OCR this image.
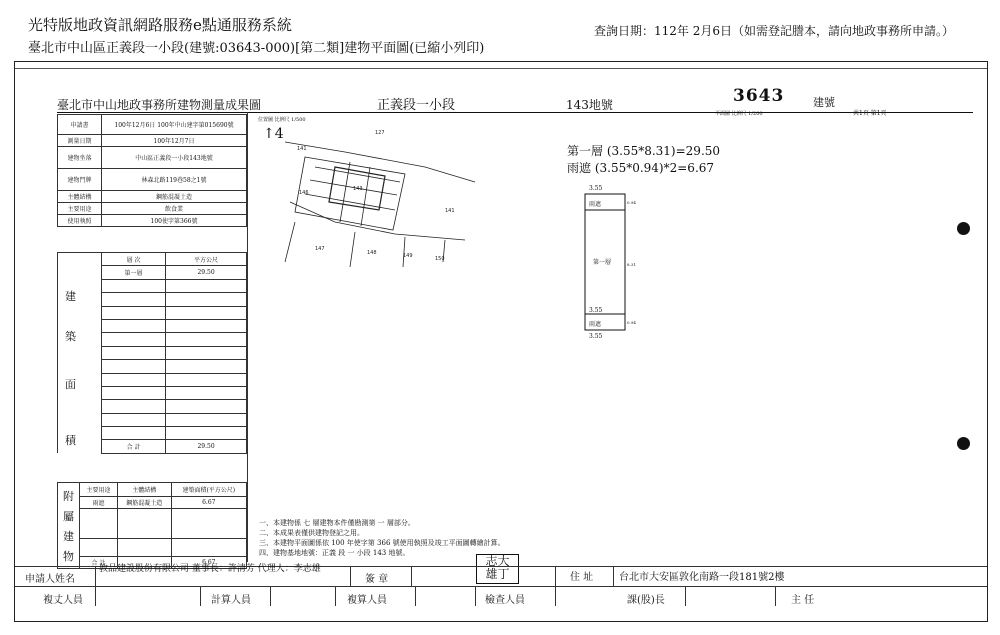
光特版地政資訊網路服務e點通服務系統
臺北市中山區正義段一小段(建號:03643-000)[第二類]建物平面圖(已縮小列印)
查詢日期：112年 2月6日（如需登記謄本，請向地政事務所申請。）
臺北市中山地政事務所建物測量成果圖	正義段一小段	143地號	3643	建號
平面圖 比例尺 1/200	共1頁 第1頁
申請書	100年12月6日 100年中山建字第015690號
測量日期	100年12月7日
建物坐落	中山區正義段一小段143地號
建物門牌	林森北路119巷58之1號
主體結構	鋼筋混凝土造
主要用途	飲食業
使用執照	100使字第366號
	層 次	平方公尺
	第一層	29.50

	合 計	29.50
	主要用途	主體結構	建築面積(平方公尺)
	雨遮	鋼筋混凝土造	6.67

	合 計		6.67
建
築
面
積
附
屬
建
物
位置圖 比例尺 1/500
↑4	127
141
143
146
141
147
148	149	150
第一層 (3.55*8.31)=29.50
雨遮 (3.55*0.94)*2=6.67
3.55
雨遮	0.94
第一層	8.31
3.55
雨遮	0.94
3.55
一、本建物係 七 層建物本件僅勘測第 一 層部分。
二、本成果表僅供建物登記之用。
三、本建物平面圖係依 100 年使字第 366 號使用執照及竣工平面圖轉繪計算。
四、建物基地地號：正義 段 一 小段 143 地號。
志大
雄丁
申請人姓名
敦品建設股份有限公司 董事長：許清芳 代理人：李志雄
簽 章	住 址	台北市大安區敦化南路一段181號2樓
複丈人員	計算人員	複算人員	檢查人員	課(股)長	主 任
